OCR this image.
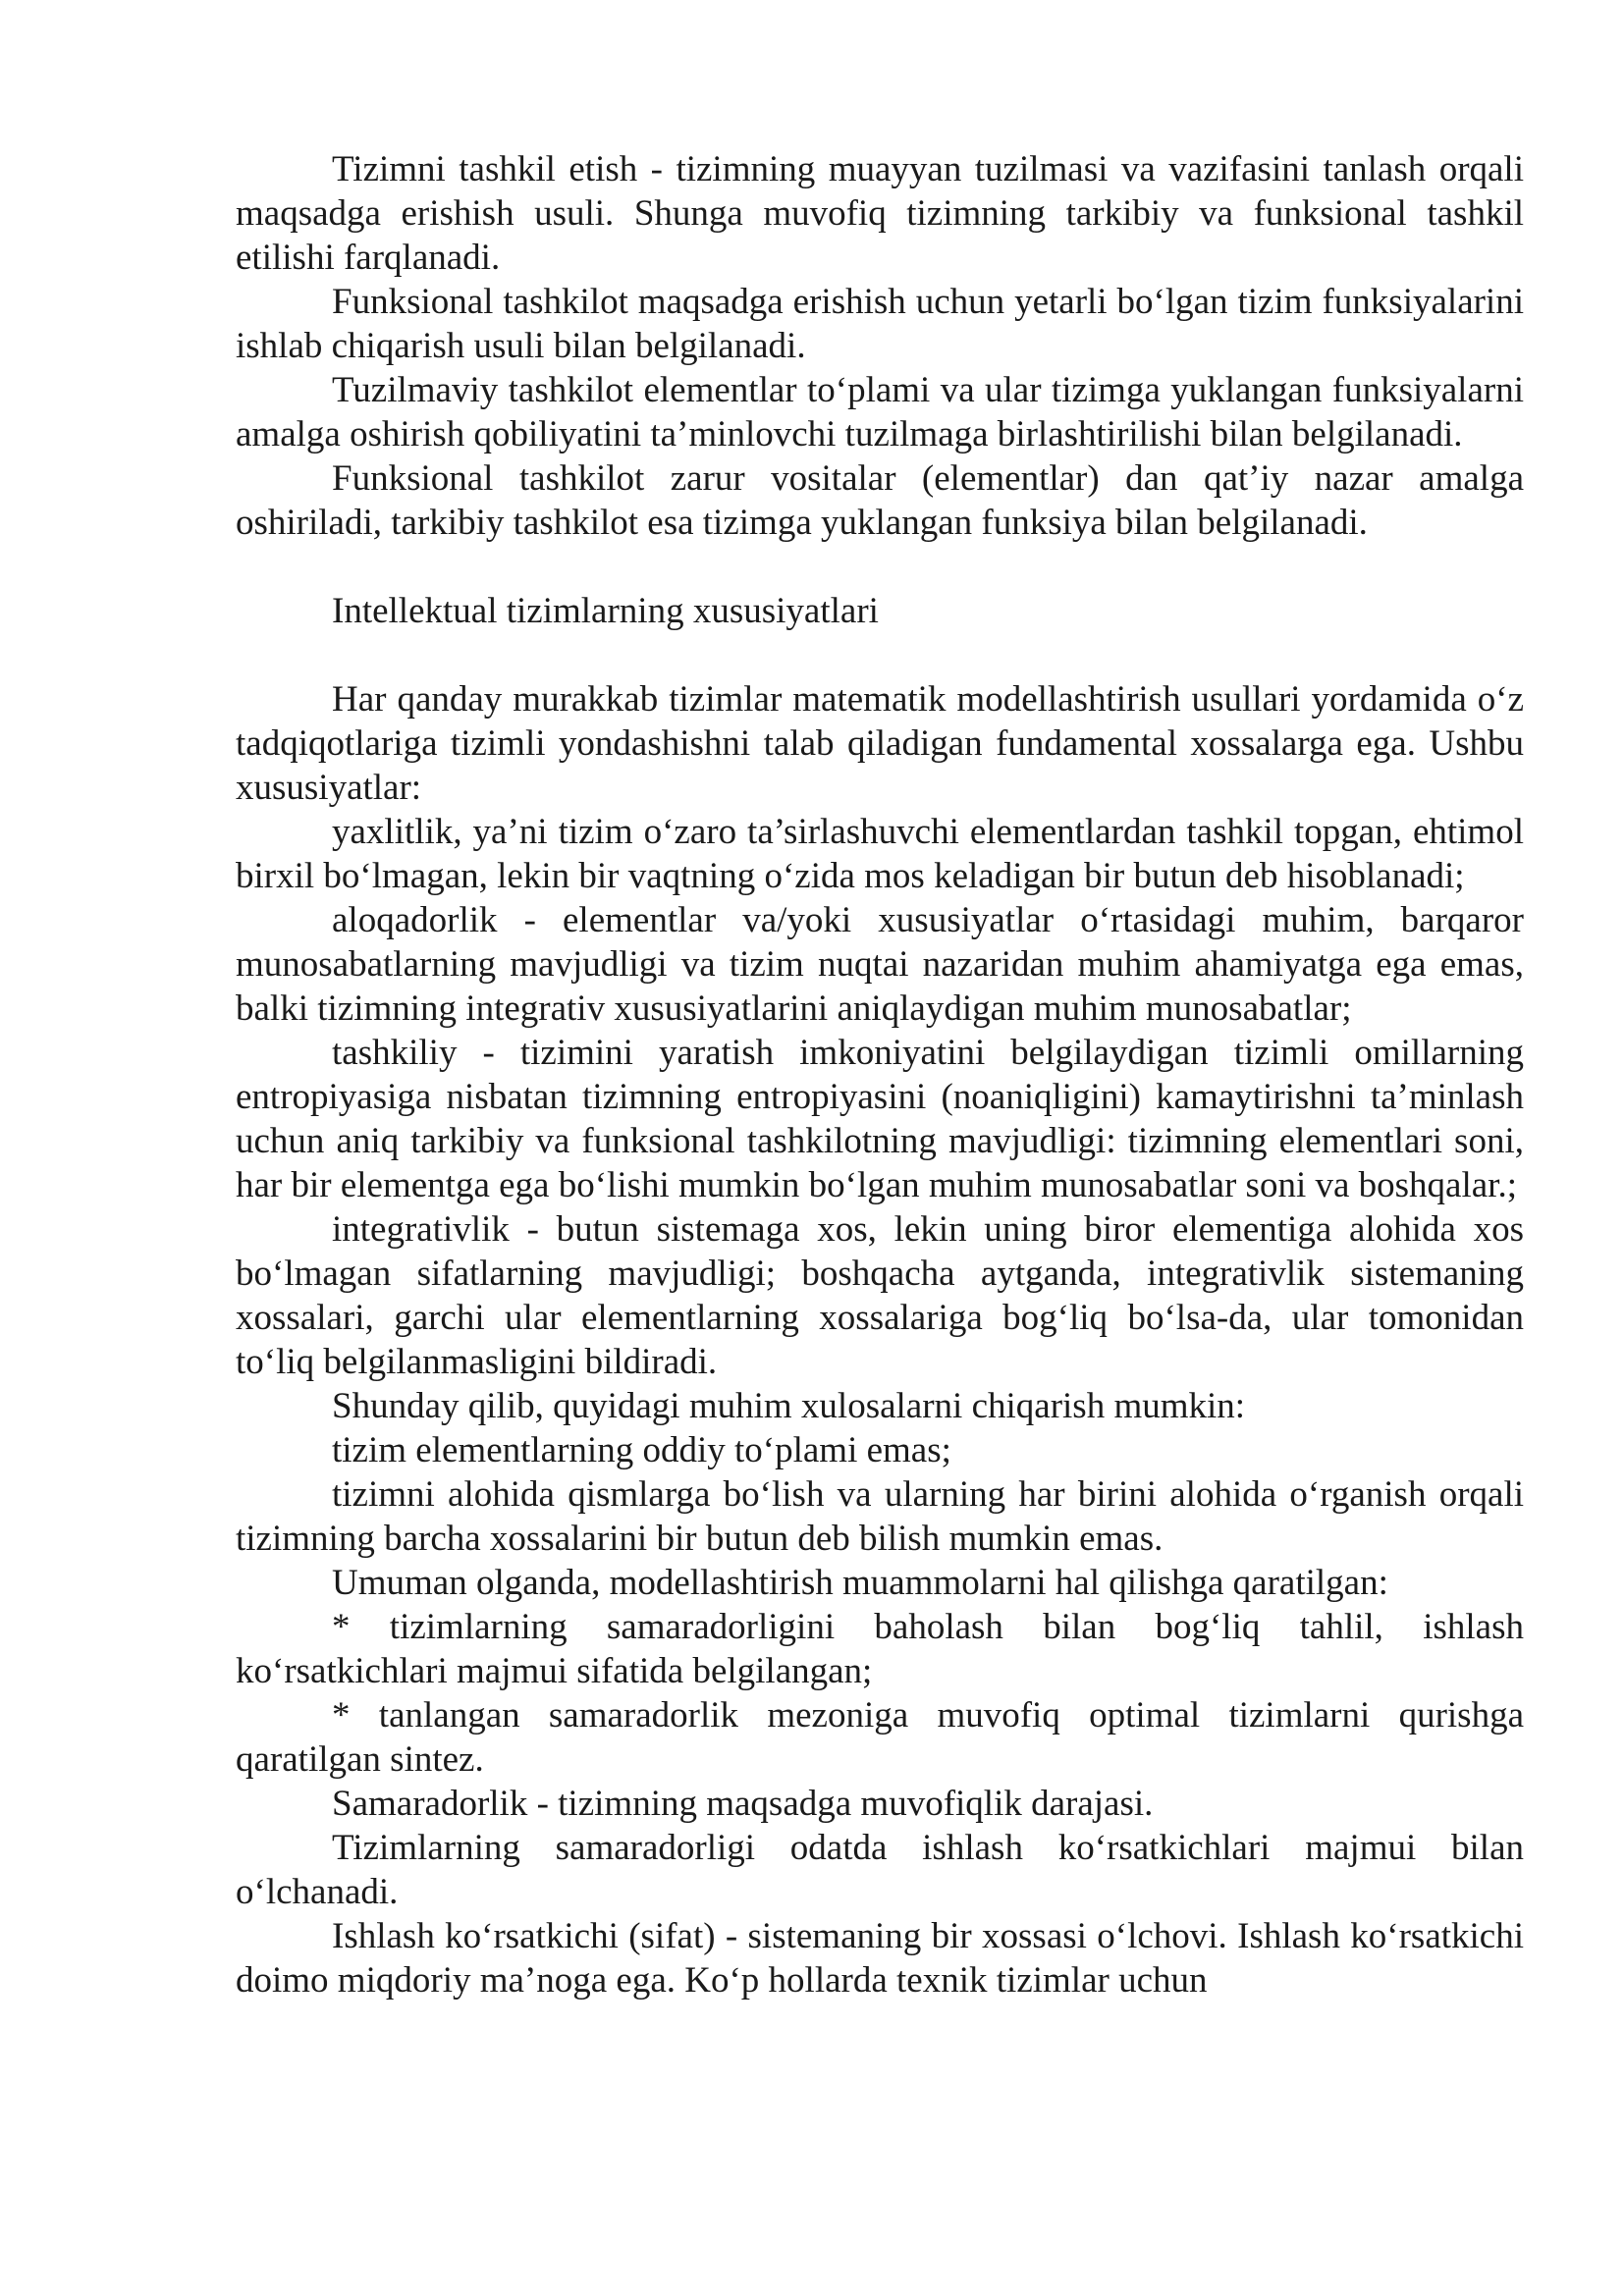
Tizimni tashkil etish - tizimning muayyan tuzilmasi va vazifasini tanlash orqali maqsadga erishish usuli. Shunga muvofiq tizimning tarkibiy va funksional tashkil etilishi farqlanadi.

Funksional tashkilot maqsadga erishish uchun yetarli bo‘lgan tizim funksiyalarini ishlab chiqarish usuli bilan belgilanadi.

Tuzilmaviy tashkilot elementlar to‘plami va ular tizimga yuklangan funksiyalarni amalga oshirish qobiliyatini ta’minlovchi tuzilmaga birlashtirilishi bilan belgilanadi.

Funksional tashkilot zarur vositalar (elementlar) dan qat’iy nazar amalga oshiriladi, tarkibiy tashkilot esa tizimga yuklangan funksiya bilan belgilanadi.

Intellektual tizimlarning xususiyatlari

Har qanday murakkab tizimlar matematik modellashtirish usullari yordamida o‘z tadqiqotlariga tizimli yondashishni talab qiladigan fundamental xossalarga ega. Ushbu xususiyatlar:

yaxlitlik, ya’ni tizim o‘zaro ta’sirlashuvchi elementlardan tashkil topgan, ehtimol birxil bo‘lmagan, lekin bir vaqtning o‘zida mos keladigan bir butun deb hisoblanadi;

aloqadorlik - elementlar va/yoki xususiyatlar o‘rtasidagi muhim, barqaror munosabatlarning mavjudligi va tizim nuqtai nazaridan muhim ahamiyatga ega emas, balki tizimning integrativ xususiyatlarini aniqlaydigan muhim munosabatlar;

tashkiliy - tizimini yaratish imkoniyatini belgilaydigan tizimli omillarning entropiyasiga nisbatan tizimning entropiyasini (noaniqligini) kamaytirishni ta’minlash uchun aniq tarkibiy va funksional tashkilotning mavjudligi: tizimning elementlari soni, har bir elementga ega bo‘lishi mumkin bo‘lgan muhim munosabatlar soni va boshqalar.;

integrativlik - butun sistemaga xos, lekin uning biror elementiga alohida xos bo‘lmagan sifatlarning mavjudligi; boshqacha aytganda, integrativlik sistemaning xossalari, garchi ular elementlarning xossalariga bog‘liq bo‘lsa-da, ular tomonidan to‘liq belgilanmasligini bildiradi.

Shunday qilib, quyidagi muhim xulosalarni chiqarish mumkin:

tizim elementlarning oddiy to‘plami emas;

tizimni alohida qismlarga bo‘lish va ularning har birini alohida o‘rganish orqali tizimning barcha xossalarini bir butun deb bilish mumkin emas.

Umuman olganda, modellashtirish muammolarni hal qilishga qaratilgan:

* tizimlarning samaradorligini baholash bilan bog‘liq tahlil, ishlash ko‘rsatkichlari majmui sifatida belgilangan;

* tanlangan samaradorlik mezoniga muvofiq optimal tizimlarni qurishga qaratilgan sintez.

Samaradorlik - tizimning maqsadga muvofiqlik darajasi.

Tizimlarning samaradorligi odatda ishlash ko‘rsatkichlari majmui bilan o‘lchanadi.

Ishlash ko‘rsatkichi (sifat) - sistemaning bir xossasi o‘lchovi. Ishlash ko‘rsatkichi doimo miqdoriy ma’noga ega. Ko‘p hollarda texnik tizimlar uchun
